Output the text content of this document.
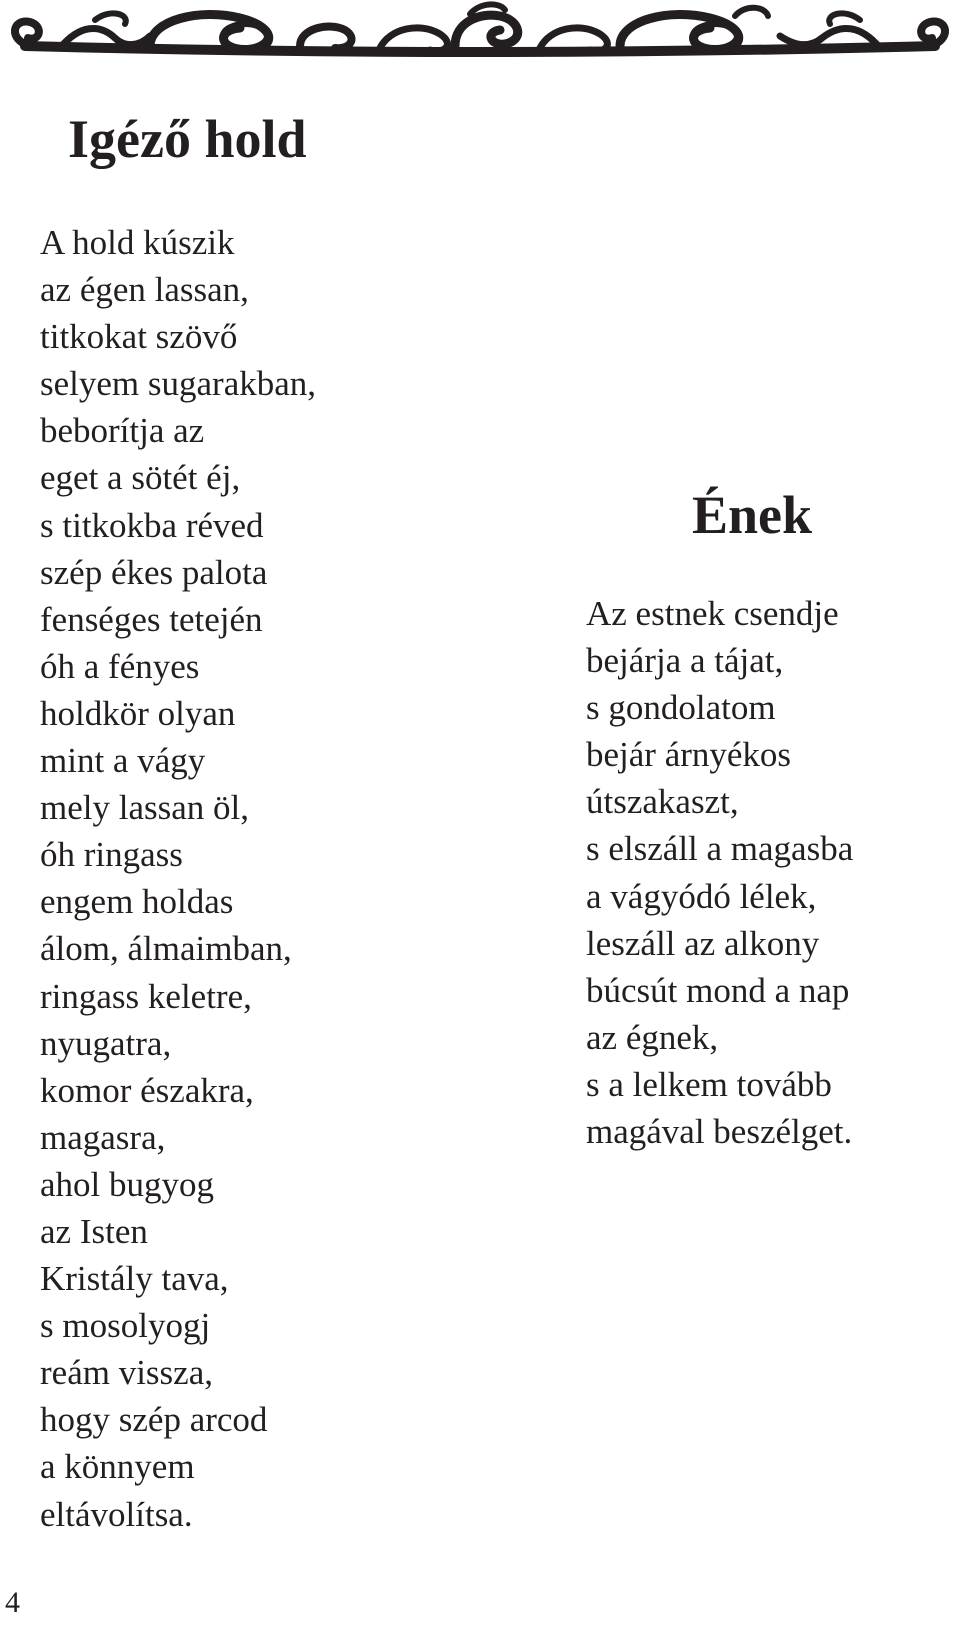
Igéző hold
A hold kúszik
az égen lassan,
titkokat szövő
selyem sugarakban,
beborítja az
eget a sötét éj,
s titkokba réved
szép ékes palota
fenséges tetején
óh a fényes
holdkör olyan
mint a vágy
mely lassan öl,
óh ringass
engem holdas
álom, álmaimban,
ringass keletre,
nyugatra,
komor északra,
magasra,
ahol bugyog
az Isten
Kristály tava,
s mosolyogj
reám vissza,
hogy szép arcod
a könnyem
eltávolítsa.
Ének
Az estnek csendje
bejárja a tájat,
s gondolatom
bejár árnyékos
útszakaszt,
s elszáll a magasba
a vágyódó lélek,
leszáll az alkony
búcsút mond a nap
az égnek,
s a lelkem tovább
magával beszélget.
4
